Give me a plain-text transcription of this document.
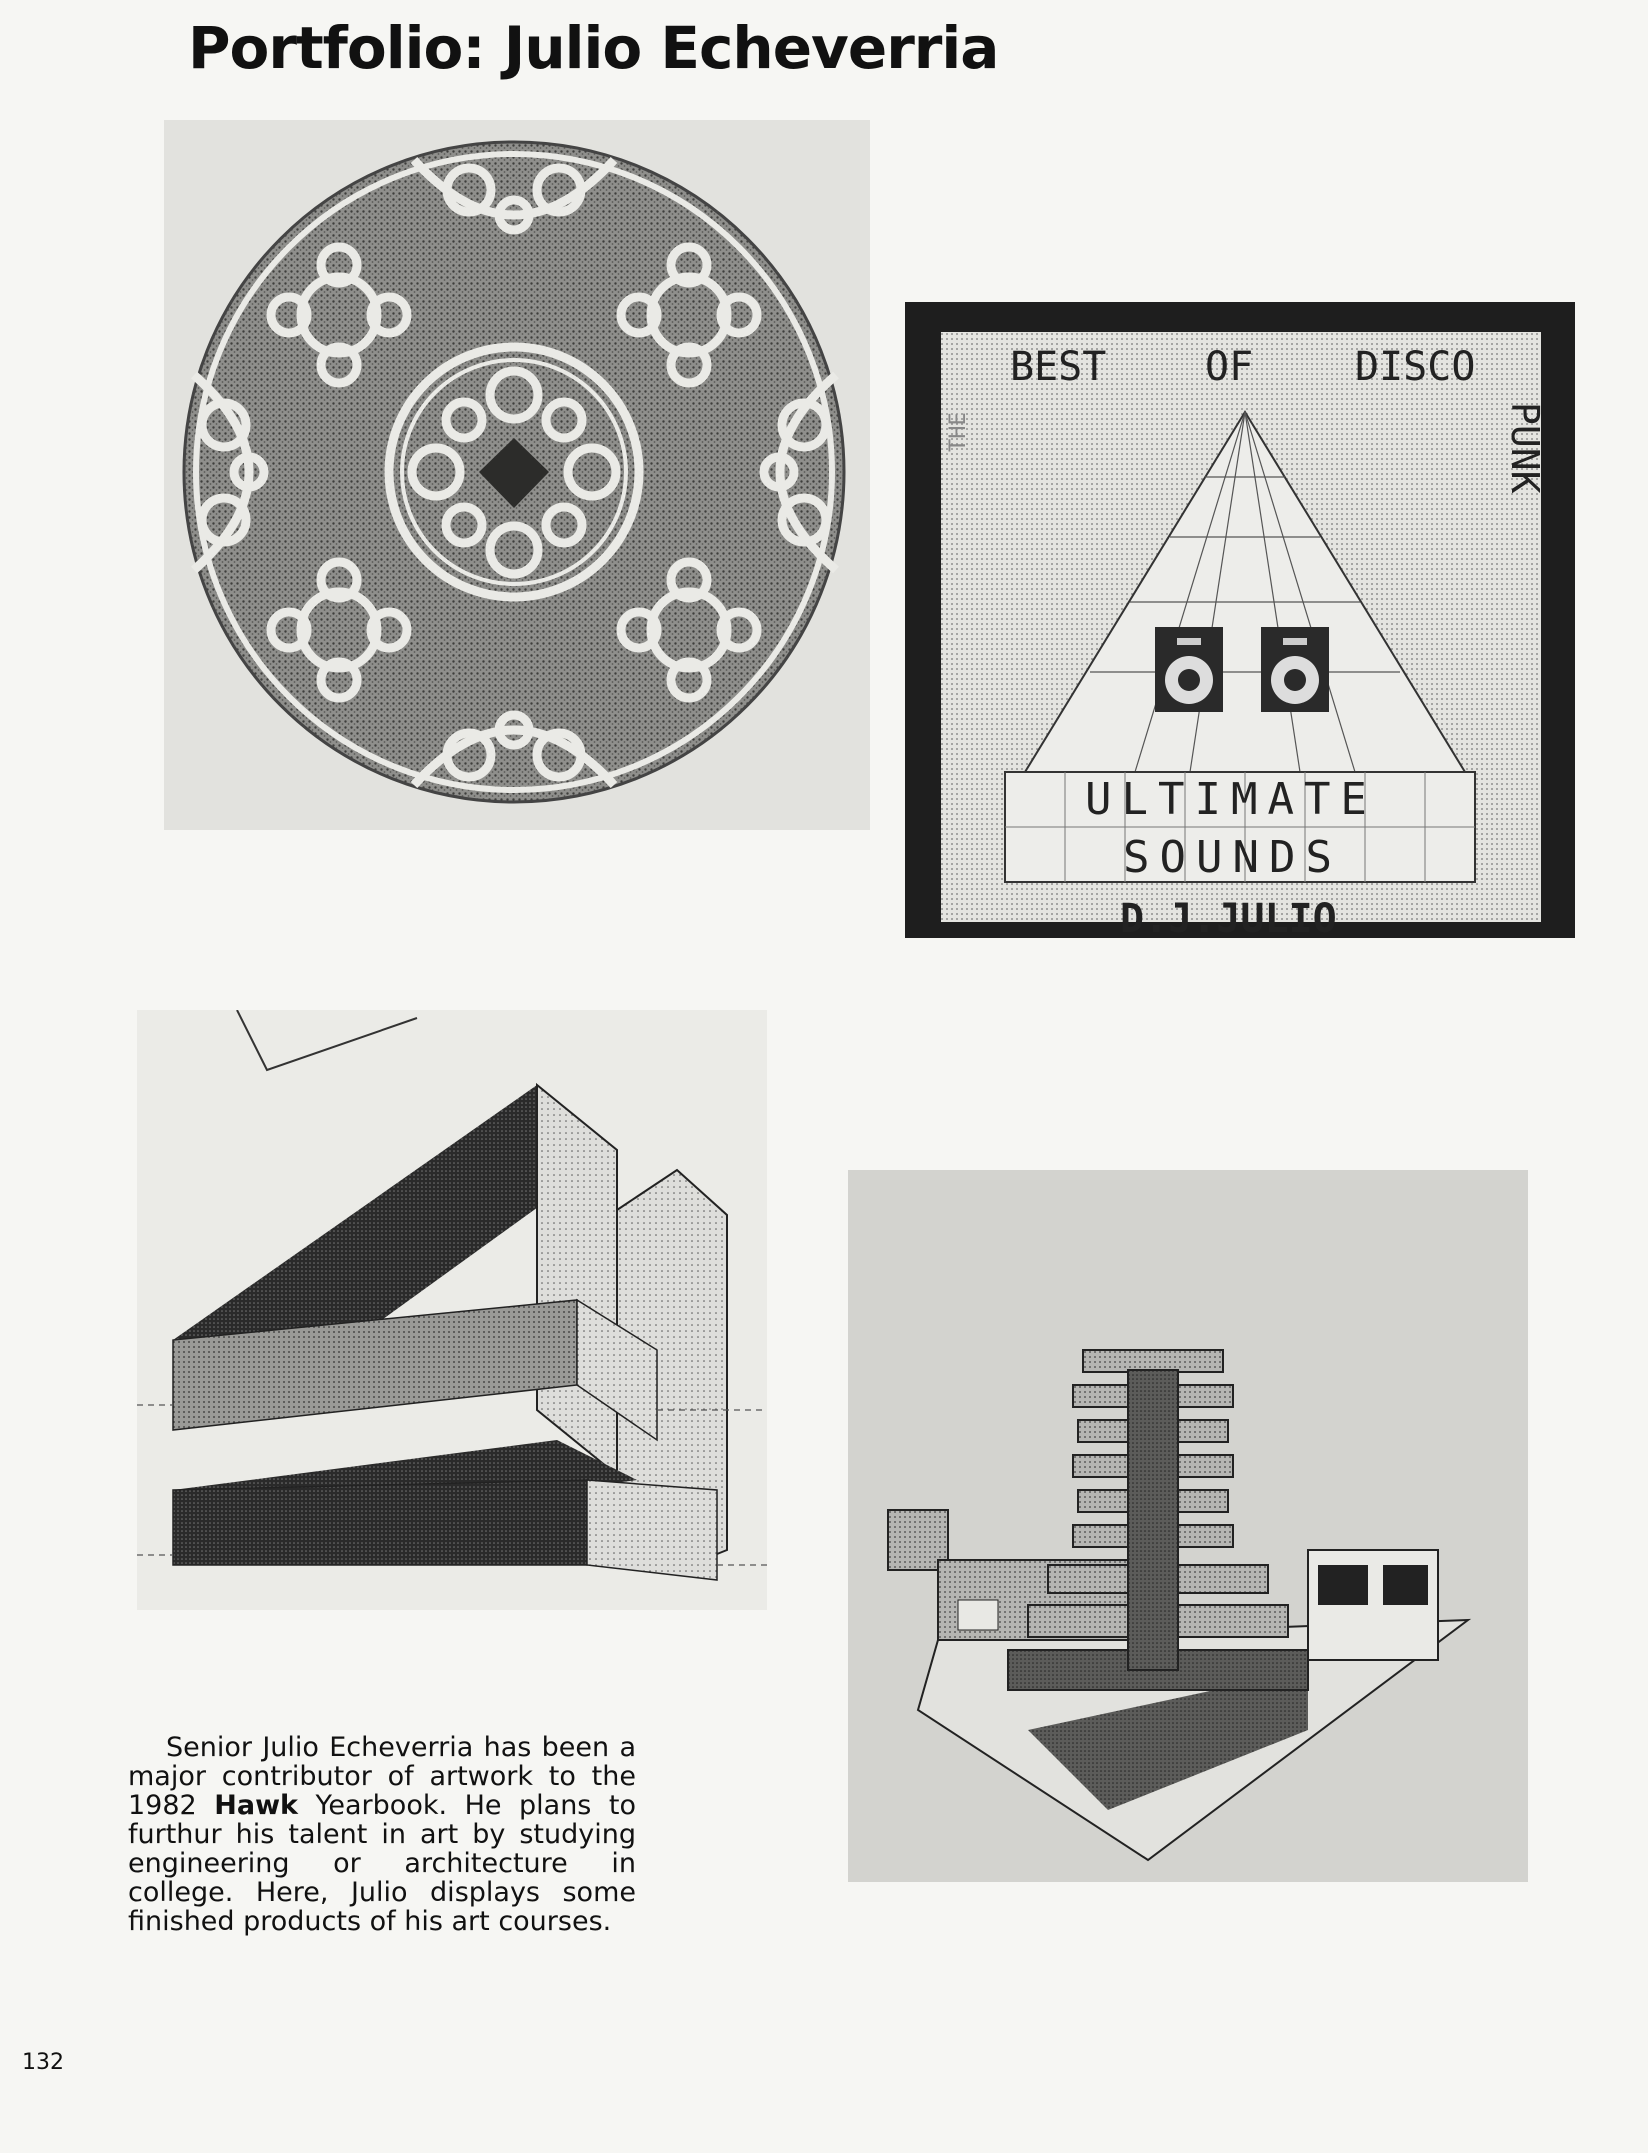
Portfolio: Julio Echeverria
BEST OF	DISCO
THE	PUNK
ULTIMATE
SOUNDS
D.J.JULIO

Senior Julio Echeverria has been a major contributor of artwork to the 1982 Hawk Yearbook. He plans to furthur his talent in art by studying engineering or architecture in college. Here, Julio displays some finished products of his art courses.

132
